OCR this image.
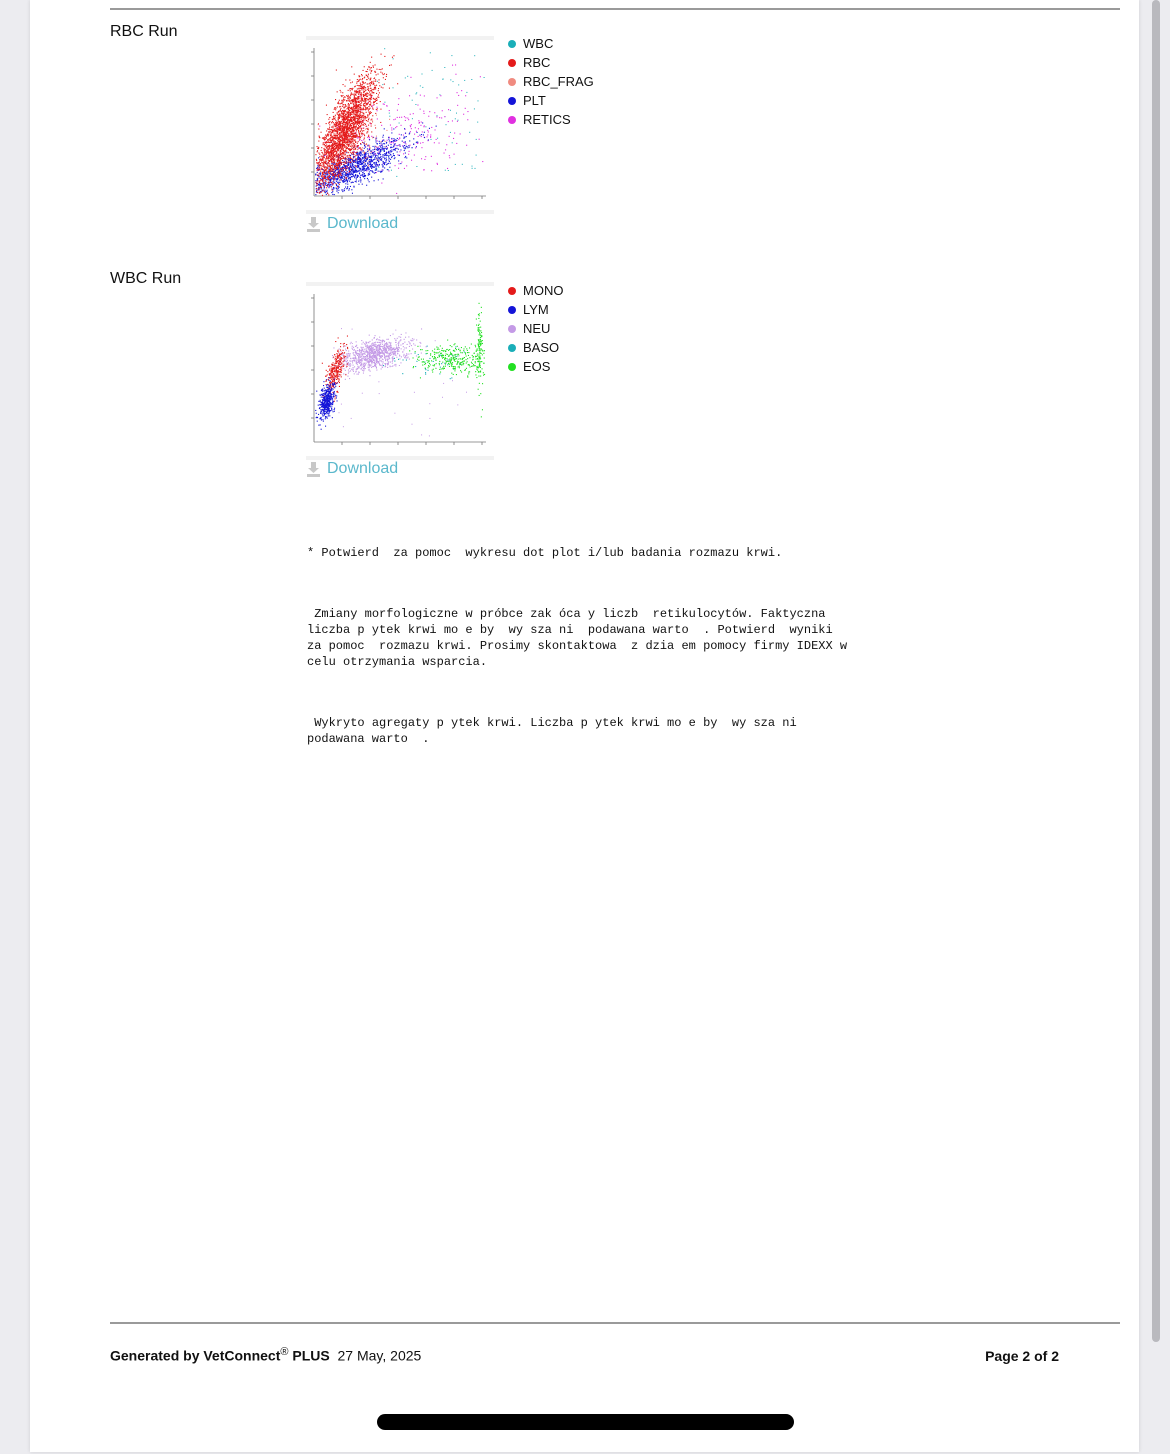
RBC Run
WBC
RBC
RBC_FRAG
PLT
RETICS
Download
WBC Run
MONO
LYM
NEU
BASO
EOS
Download

* Potwierd  za pomoc  wykresu dot plot i/lub badania rozmazu krwi.

Zmiany morfologiczne w próbce zak óca y liczb  retikulocytów. Faktyczna
liczba p ytek krwi mo e by  wy sza ni  podawana warto  . Potwierd  wyniki
za pomoc  rozmazu krwi. Prosimy skontaktowa  z dzia em pomocy firmy IDEXX w
celu otrzymania wsparcia.

Wykryto agregaty p ytek krwi. Liczba p ytek krwi mo e by  wy sza ni
podawana warto  .

Generated by VetConnect® PLUS 27 May, 2025	Page 2 of 2
